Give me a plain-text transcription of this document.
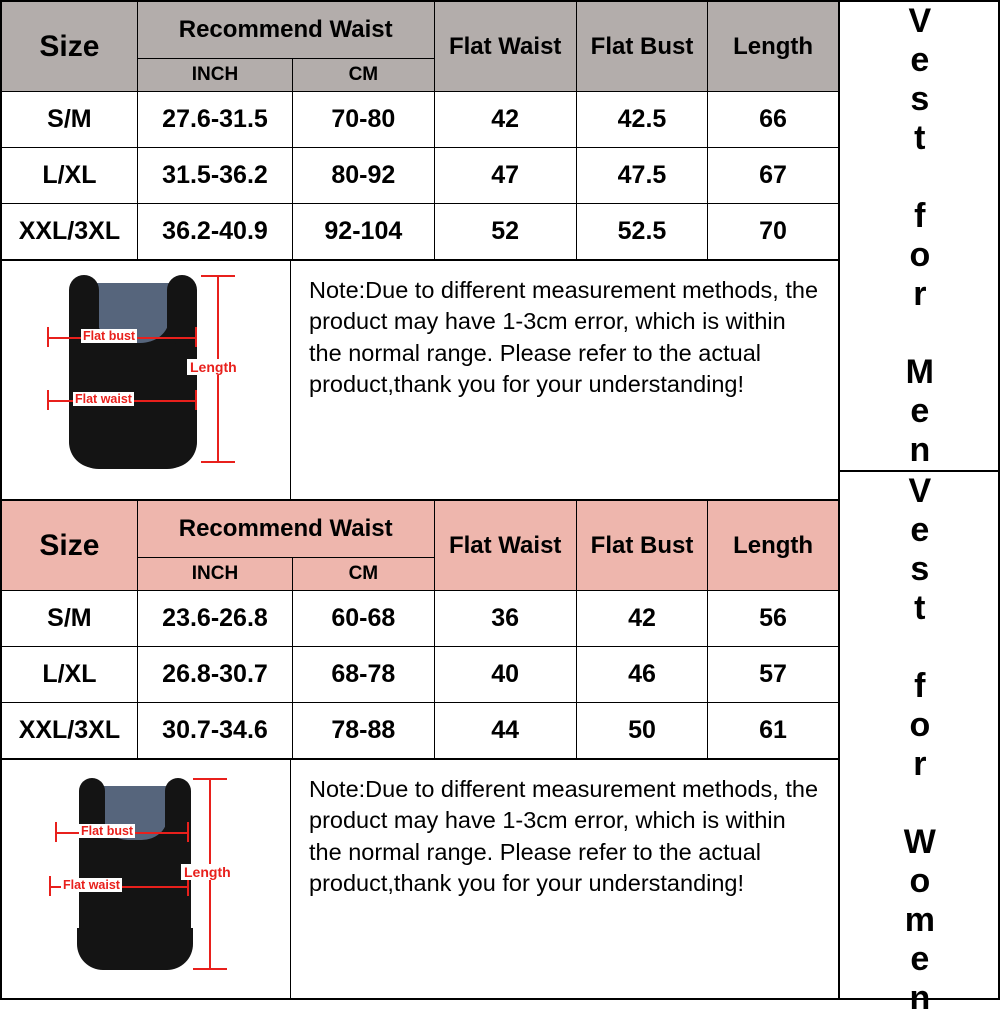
Size	Recommend Waist		Flat Waist	Flat Bust	Length
	INCH	CM			
S/M	27.6-31.5	70-80	42	42.5	66
L/XL	31.5-36.2	80-92	47	47.5	67
XXL/3XL	36.2-40.9	92-104	52	52.5	70
Flat bust
Flat waist
Length

Note:Due to different measurement methods, the product may have 1-3cm error, which is within the normal range. Please refer to the actual product,thank you for your understanding!

Size	Recommend Waist		Flat Waist	Flat Bust	Length
	INCH	CM			
S/M	23.6-26.8	60-68	36	42	56
L/XL	26.8-30.7	68-78	40	46	57
XXL/3XL	30.7-34.6	78-88	44	50	61
Flat bust
Flat waist
Length

Note:Due to different measurement methods, the product may have 1-3cm error, which is within the normal range. Please refer to the actual product,thank you for your understanding!

Vest for Men
Vest for Women
